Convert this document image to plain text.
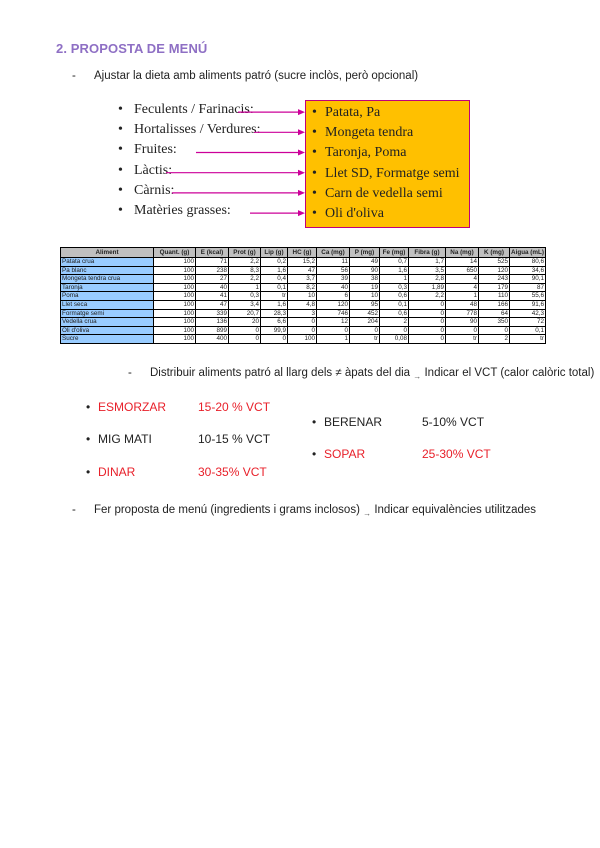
2. PROPOSTA DE MENÚ
- Ajustar la dieta amb aliments patró (sucre inclòs, però opcional)
• Feculents / Farinacis:
• Hortalisses / Verdures:
• Fruites:
• Làctis:
• Càrnis:
• Matèries grasses:
• Patata, Pa
• Mongeta tendra
• Taronja, Poma
• Llet SD, Formatge semi
• Carn de vedella semi
• Oli d'oliva
Aliment	Quant. (g)	E (kcal)	Prot (g)	Lip (g)	HC (g)	Ca (mg)	P (mg)	Fe (mg)	Fibra (g)	Na (mg)	K (mg)	Aigua (mL)
Patata crua	100	71	2,2	0,2	15,2	11	49	0,7	1,7	14	525	80,6
Pa blanc	100	238	8,3	1,6	47	56	90	1,6	3,5	650	120	34,6
Mongeta tendra crua	100	27	2,2	0,4	3,7	39	38	1	2,8	4	243	90,1
Taronja	100	40	1	0,1	8,2	40	19	0,3	1,89	4	179	87
Poma	100	41	0,3	tr	10	6	10	0,6	2,2	1	110	55,6
Llet seca	100	47	3,4	1,6	4,8	120	95	0,1	0	48	166	91,6
Formatge semi	100	339	20,7	28,3	3	746	452	0,6	0	778	64	42,3
Vedella crua	100	136	20	6,6	0	12	204	2	0	90	350	72
Oli d'oliva	100	899	0	99,9	0	0	0	0	0	0	0	0,1
Sucre	100	400	0	0	100	1	tr	0,08	0	tr	2	tr
- Distribuir aliments patró al llarg dels ≠ àpats del dia $_\to$ Indicar el VCT (calor calòric total)
• ESMORZAR	15-20 % VCT
• MIG MATI	10-15 % VCT
• DINAR	30-35% VCT
• BERENAR	5-10% VCT
• SOPAR	25-30% VCT
- Fer proposta de menú (ingredients i grams inclosos) $_\to$ Indicar equivalències utilitzades
